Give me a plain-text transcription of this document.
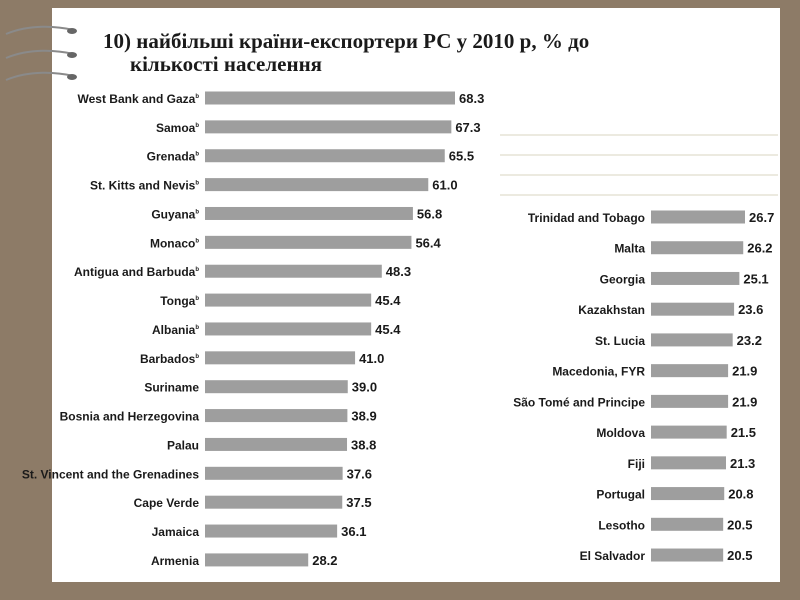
10) найбільші країни-експортери РС у 2010 р, % до
кількості населення
West Bank and Gaza$^b$	68.3
Samoa$^b$	67.3
Grenada$^b$	65.5
St. Kitts and Nevis$^b$	61.0
Guyana$^b$	56.8
Monaco$^b$	56.4
Antigua and Barbuda$^b$	48.3
Tonga$^b$	45.4
Albania$^b$	45.4
Barbados$^b$	41.0
Suriname	39.0
Bosnia and Herzegovina	38.9
Palau	38.8
St. Vincent and the Grenadines	37.6
Cape Verde	37.5
Jamaica	36.1
Armenia	28.2
Trinidad and Tobago	26.7
Malta	26.2
Georgia	25.1
Kazakhstan	23.6
St. Lucia	23.2
Macedonia, FYR	21.9
São Tomé and Principe	21.9
Moldova	21.5
Fiji	21.3
Portugal	20.8
Lesotho	20.5
El Salvador	20.5
